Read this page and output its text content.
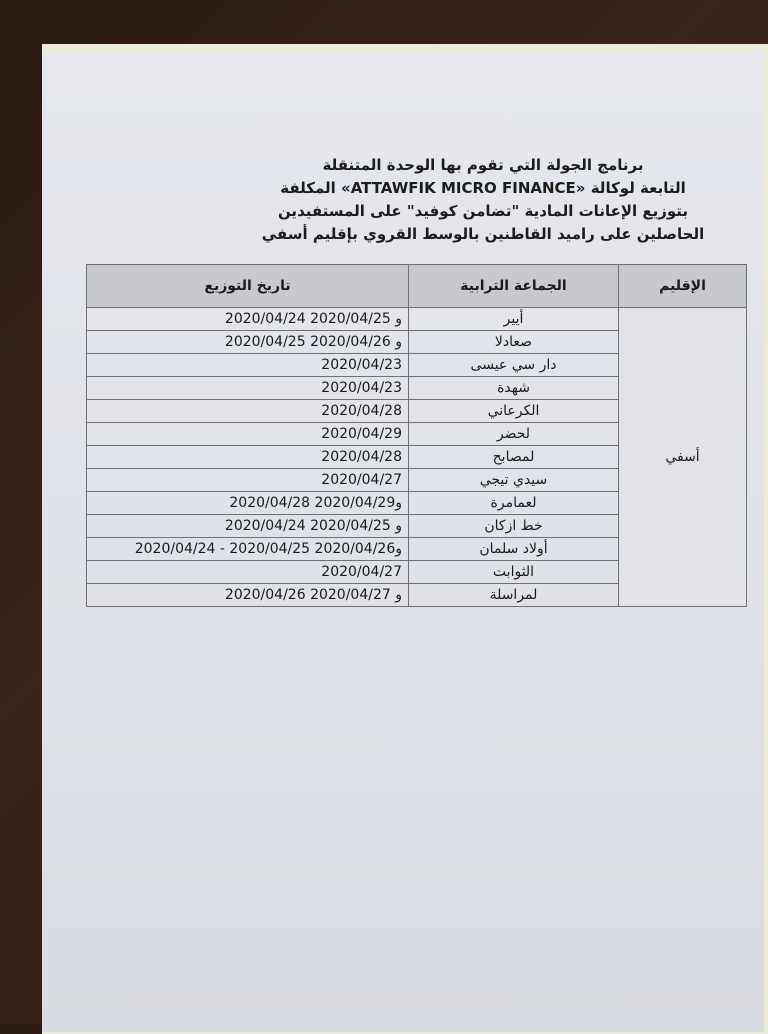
برنامج الجولة التي تقوم بها الوحدة المتنقلة
التابعة لوكالة «ATTAWFIK MICRO FINANCE» المكلفة
بتوزيع الإعانات المادية "تضامن كوفيد" على المستفيدين
الحاصلين على راميد القاطنين بالوسط القروي بإقليم أسفي
الإقليم	الجماعة الترابية	تاريخ التوزيع
أسفي	أيير	2020/04/24 و 2020/04/25
	صعادلا	2020/04/25 و 2020/04/26
	دار سي عيسى	2020/04/23
	شهدة	2020/04/23
	الكرعاني	2020/04/28
	لحضر	2020/04/29
	لمصابح	2020/04/28
	سيدي تيجي	2020/04/27
	لعمامرة	2020/04/28 و2020/04/29
	خط ازكان	2020/04/24 و 2020/04/25
	أولاد سلمان	2020/04/24 - 2020/04/25 و2020/04/26
	الثوابت	2020/04/27
	لمراسلة	2020/04/26 و 2020/04/27
